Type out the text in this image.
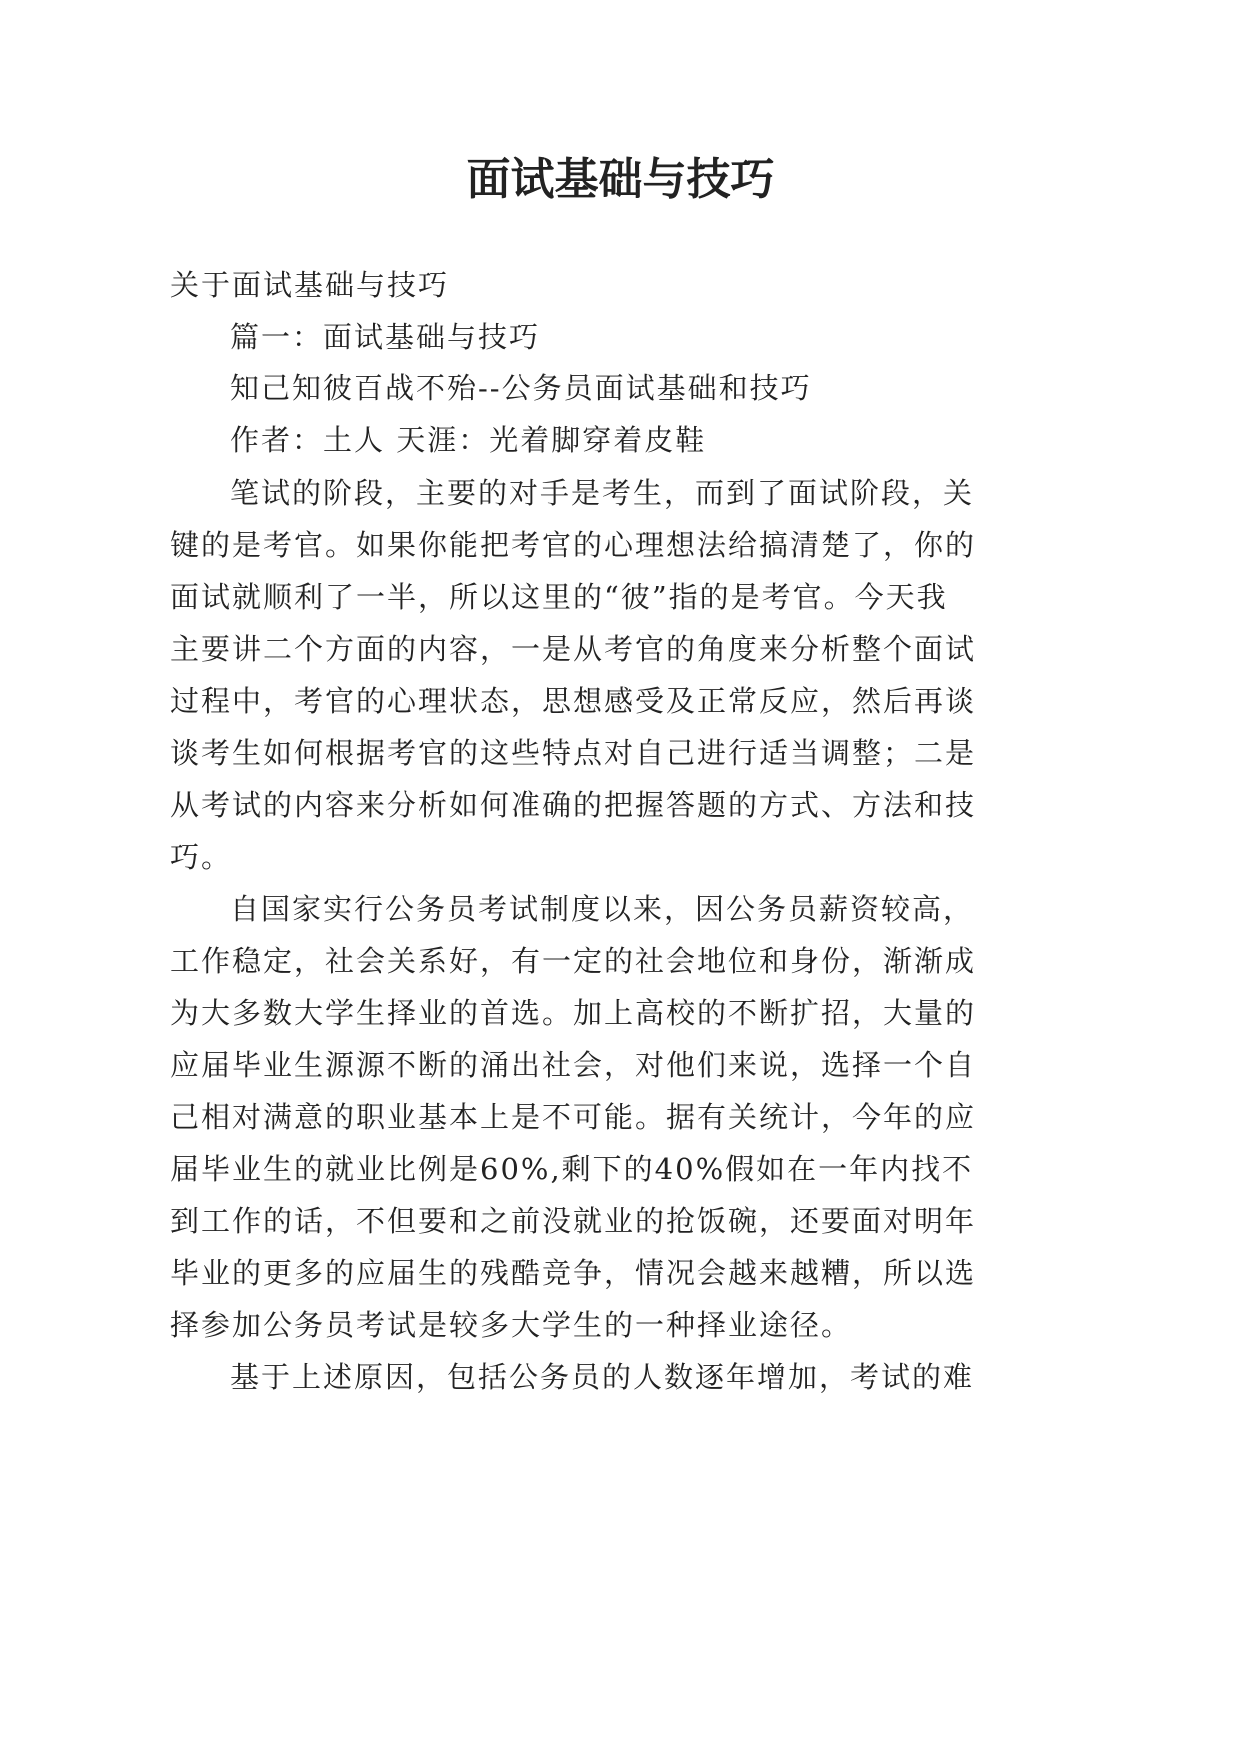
面试基础与技巧
关于面试基础与技巧
篇一：面试基础与技巧
知己知彼百战不殆--公务员面试基础和技巧
作者：土人 天涯：光着脚穿着皮鞋
笔试的阶段，主要的对手是考生，而到了面试阶段，关
键的是考官。如果你能把考官的心理想法给搞清楚了，你的
面试就顺利了一半，所以这里的“彼”指的是考官。今天我
主要讲二个方面的内容，一是从考官的角度来分析整个面试
过程中，考官的心理状态，思想感受及正常反应，然后再谈
谈考生如何根据考官的这些特点对自己进行适当调整；二是
从考试的内容来分析如何准确的把握答题的方式、方法和技
巧。
自国家实行公务员考试制度以来，因公务员薪资较高，
工作稳定，社会关系好，有一定的社会地位和身份，渐渐成
为大多数大学生择业的首选。加上高校的不断扩招，大量的
应届毕业生源源不断的涌出社会，对他们来说，选择一个自
己相对满意的职业基本上是不可能。据有关统计，今年的应
届毕业生的就业比例是60%,剩下的40%假如在一年内找不
到工作的话，不但要和之前没就业的抢饭碗，还要面对明年
毕业的更多的应届生的残酷竞争，情况会越来越糟，所以选
择参加公务员考试是较多大学生的一种择业途径。
基于上述原因，包括公务员的人数逐年增加，考试的难
